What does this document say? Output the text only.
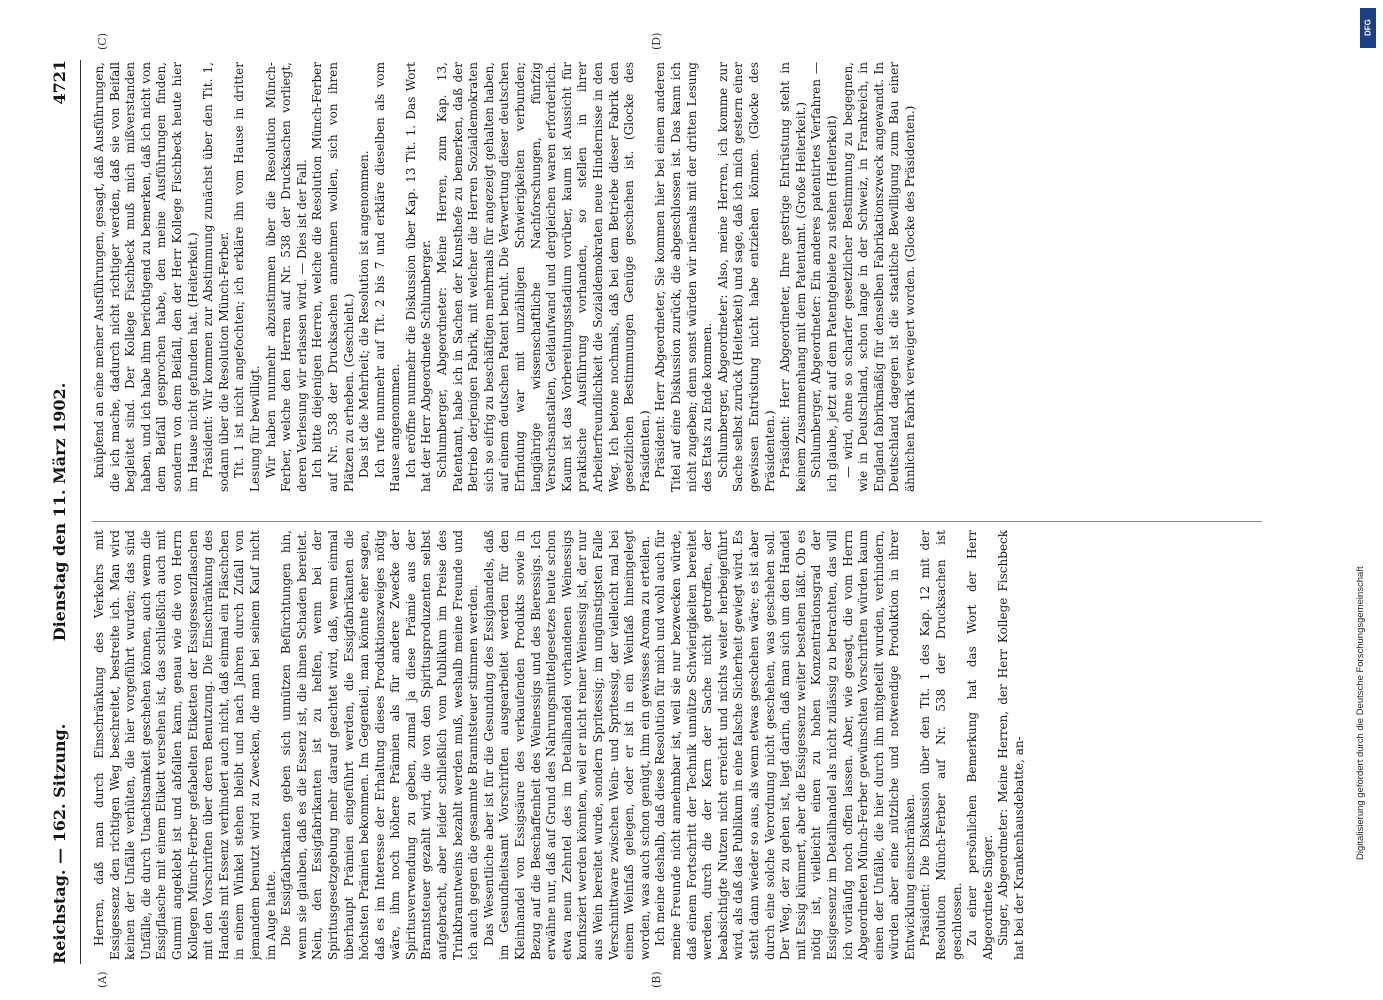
Reichstag. — 162. Sitzung.
Dienstag den 11. März 1902.
4721
(A)	(B)
(C)	(D)

Herren, daß man durch Einschränkung des Verkehrs mit Essigessenz den richtigen Weg beschreitet, bestreite ich. Man wird keinen der Unfälle verhüten, die hier vorgeführt wurden; das sind Unfälle, die durch Unachtsamkeit geschehen können, auch wenn die Essigflasche mit einem Etikett versehen ist, das schließlich auch mit Gummi angeklebt ist und abfallen kann, genau wie die von Herrn Kollegen Münch-Ferber gefabelten Etiketten der Essigessenzflaschen mit den Vorschriften über deren Benutzung. Die Einschränkung des Handels mit Essenz verhindert auch nicht, daß einmal ein Fläschchen in einem Winkel stehen bleibt und nach Jahren durch Zufall von jemandem benutzt wird zu Zwecken, die man bei seinem Kauf nicht im Auge hatte. Die Essigfabrikanten geben sich unnützen Befürchtungen hin, wenn sie glauben, daß es die Essenz ist, die ihnen Schaden bereitet. Nein, den Essigfabrikanten ist zu helfen, wenn bei der Spiritusgesetzgebung mehr darauf geachtet wird, daß, wenn einmal überhaupt Prämien eingeführt werden, die Essigfabrikanten die höchsten Prämien bekommen. Im Gegenteil, man könnte eher sagen, daß es im Interesse der Erhaltung dieses Produktionszweiges nötig wäre, ihm noch höhere Prämien als für andere Zwecke der Spiritusverwendung zu geben, zumal ja diese Prämie aus der Branntsteuer gezahlt wird, die von den Spiritusproduzenten selbst aufgebracht, aber leider schließlich vom Publikum im Preise des Trinkbranntweins bezahlt werden muß, weshalb meine Freunde und ich auch gegen die gesammte Branntsteuer stimmen werden. Das Wesentliche aber ist für die Gesundung des Essighandels, daß im Gesundheitsamt Vorschriften ausgearbeitet werden für den Kleinhandel von Essigsäure des verkaufenden Produkts sowie in Bezug auf die Beschaffenheit des Weinessigs und des Bieressigs. Ich erwähne nur, daß auf Grund des Nahrungsmittelgesetzes heute schon etwa neun Zehntel des im Detailhandel vorhandenen Weinessigs konfisziert werden könnten, weil er nicht reiner Weinessig ist, der nur aus Wein bereitet wurde, sondern Spritessig; im ungünstigsten Falle Verschnittware zwischen Wein- und Spritessig, der vielleicht mal bei einem Weinfaß gelegen, oder er ist in ein Weinfaß hineingelegt worden, was auch schon genügt, ihm ein gewisses Aroma zu erteilen. Ich meine deshalb, daß diese Resolution für mich und wohl auch für meine Freunde nicht annehmbar ist, weil sie nur bezwecken würde, daß einem Fortschritt der Technik unnütze Schwierigkeiten bereitet werden, durch die der Kern der Sache nicht getroffen, der beabsichtigte Nutzen nicht erreicht und nichts weiter herbeigeführt wird, als daß das Publikum in eine falsche Sicherheit gewiegt wird. Es steht dann wieder so aus, als wenn etwas geschehen wäre; es ist aber durch eine solche Verordnung nicht geschehen, was geschehen soll. Der Weg, der zu gehen ist, liegt darin, daß man sich um den Handel mit Essig kümmert, aber die Essigessenz weiter bestehen läßt. Ob es nötig ist, vielleicht einen zu hohen Konzentrationsgrad der Essigessenz im Detailhandel als nicht zulässig zu betrachten, das will ich vorläufig noch offen lassen. Aber, wie gesagt, die vom Herrn Abgeordneten Münch-Ferber gewünschten Vorschriften würden kaum einen der Unfälle, die hier durch ihn mitgeteilt wurden, verhindern, würden aber eine nützliche und notwendige Produktion in ihrer Entwicklung einschränken. Präsident: Die Diskussion über den Tit. 1 des Kap. 12 mit der Resolution Münch-Ferber auf Nr. 538 der Drucksachen ist geschlossen. Zu einer persönlichen Bemerkung hat das Wort der Herr Abgeordnete Singer. Singer, Abgeordneter: Meine Herren, der Herr Kollege Fischbeck hat bei der Krankenhausdebatte, an-

knüpfend an eine meiner Ausführungen, gesagt, daß Ausführungen, die ich mache, dadurch nicht richtiger werden, daß sie von Beifall begleitet sind. Der Kollege Fischbeck muß mich mißverstanden haben, und ich habe ihm berichtigend zu bemerken, daß ich nicht von dem Beifall gesprochen habe, den meine Ausführungen finden, sondern von dem Beifall, den der Herr Kollege Fischbeck heute hier im Hause nicht gefunden hat. (Heiterkeit.) Präsident: Wir kommen zur Abstimmung zunächst über den Tit. 1, sodann über die Resolution Münch-Ferber. Tit. 1 ist nicht angefochten; ich erkläre ihn vom Hause in dritter Lesung für bewilligt. Wir haben nunmehr abzustimmen über die Resolution Münch-Ferber, welche den Herren auf Nr. 538 der Drucksachen vorliegt, deren Verlesung wir erlassen wird. — Dies ist der Fall. Ich bitte diejenigen Herren, welche die Resolution Münch-Ferber auf Nr. 538 der Drucksachen annehmen wollen, sich von ihren Plätzen zu erheben. (Geschieht.) Das ist die Mehrheit; die Resolution ist angenommen. Ich rufe nunmehr auf Tit. 2 bis 7 und erkläre dieselben als vom Hause angenommen. Ich eröffne nunmehr die Diskussion über Kap. 13 Tit. 1. Das Wort hat der Herr Abgeordnete Schlumberger. Schlumberger, Abgeordneter: Meine Herren, zum Kap. 13, Patentamt, habe ich in Sachen der Kunsthefe zu bemerken, daß der Betrieb derjenigen Fabrik, mit welcher die Herren Sozialdemokraten sich so eifrig zu beschäftigen mehrmals für angezeigt gehalten haben, auf einem deutschen Patent beruht. Die Verwertung dieser deutschen Erfindung war mit unzähligen Schwierigkeiten verbunden; langjährige wissenschaftliche Nachforschungen, fünfzig Versuchsanstalten, Geldaufwand und dergleichen waren erforderlich. Kaum ist das Vorbereitungsstadium vorüber, kaum ist Aussicht für praktische Ausführung vorhanden, so stellen in ihrer Arbeiterfreundlichkeit die Sozialdemokraten neue Hindernisse in den Weg. Ich betone nochmals, daß bei dem Betriebe dieser Fabrik den gesetzlichen Bestimmungen Genüge geschehen ist. (Glocke des Präsidenten.) Präsident: Herr Abgeordneter, Sie kommen hier bei einem anderen Titel auf eine Diskussion zurück, die abgeschlossen ist. Das kann ich nicht zugeben; denn sonst würden wir niemals mit der dritten Lesung des Etats zu Ende kommen. Schlumberger, Abgeordneter: Also, meine Herren, ich komme zur Sache selbst zurück (Heiterkeit) und sage, daß ich mich gestern einer gewissen Entrüstung nicht habe entziehen können. (Glocke des Präsidenten.) Präsident: Herr Abgeordneter, Ihre gestrige Entrüstung steht in keinem Zusammenhang mit dem Patentamt. (Große Heiterkeit.) Schlumberger, Abgeordneter: Ein anderes patentirtes Verfahren — ich glaube, jetzt auf dem Patentgebiete zu stehen (Heiterkeit) — wird, ohne so scharfer gesetzlicher Bestimmung zu begegnen, wie in Deutschland, schon lange in der Schweiz, in Frankreich, in England fabrikmäßig für denselben Fabrikationszweck angewandt. In Deutschland dagegen ist die staatliche Bewilligung zum Bau einer ähnlichen Fabrik verweigert worden. (Glocke des Präsidenten.)

DFG
Digitalisierung gefördert durch die Deutsche Forschungsgemeinschaft
